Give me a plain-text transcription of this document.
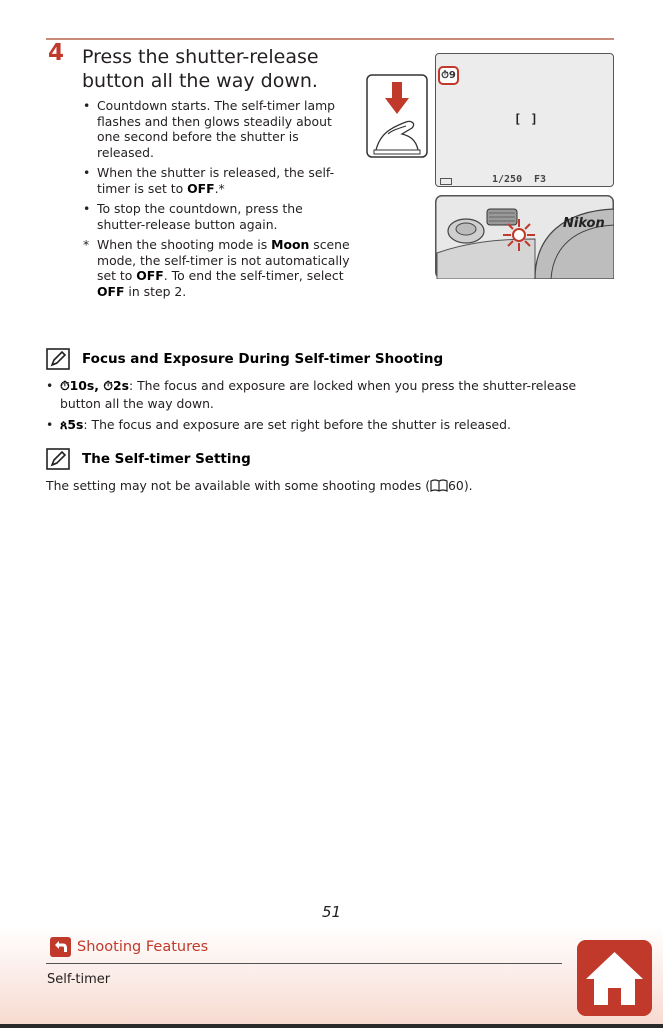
4 Press the shutter-release button all the way down.
• Countdown starts. The self-timer lamp flashes and then glows steadily about one second before the shutter is released.
• When the shutter is released, the self-timer is set to OFF.*
• To stop the countdown, press the shutter-release button again.
* When the shooting mode is Moon scene mode, the self-timer is not automatically set to OFF. To end the self-timer, select OFF in step 2.
⏱9
[ ]
1/250 F3
Nikon
Focus and Exposure During Self-timer Shooting
• ⏱10s, ⏱2s: The focus and exposure are locked when you press the shutter-release button all the way down.
• ጰ5s: The focus and exposure are set right before the shutter is released.
The Self-timer Setting
The setting may not be available with some shooting modes ( 60).
51
Shooting Features
Self-timer
